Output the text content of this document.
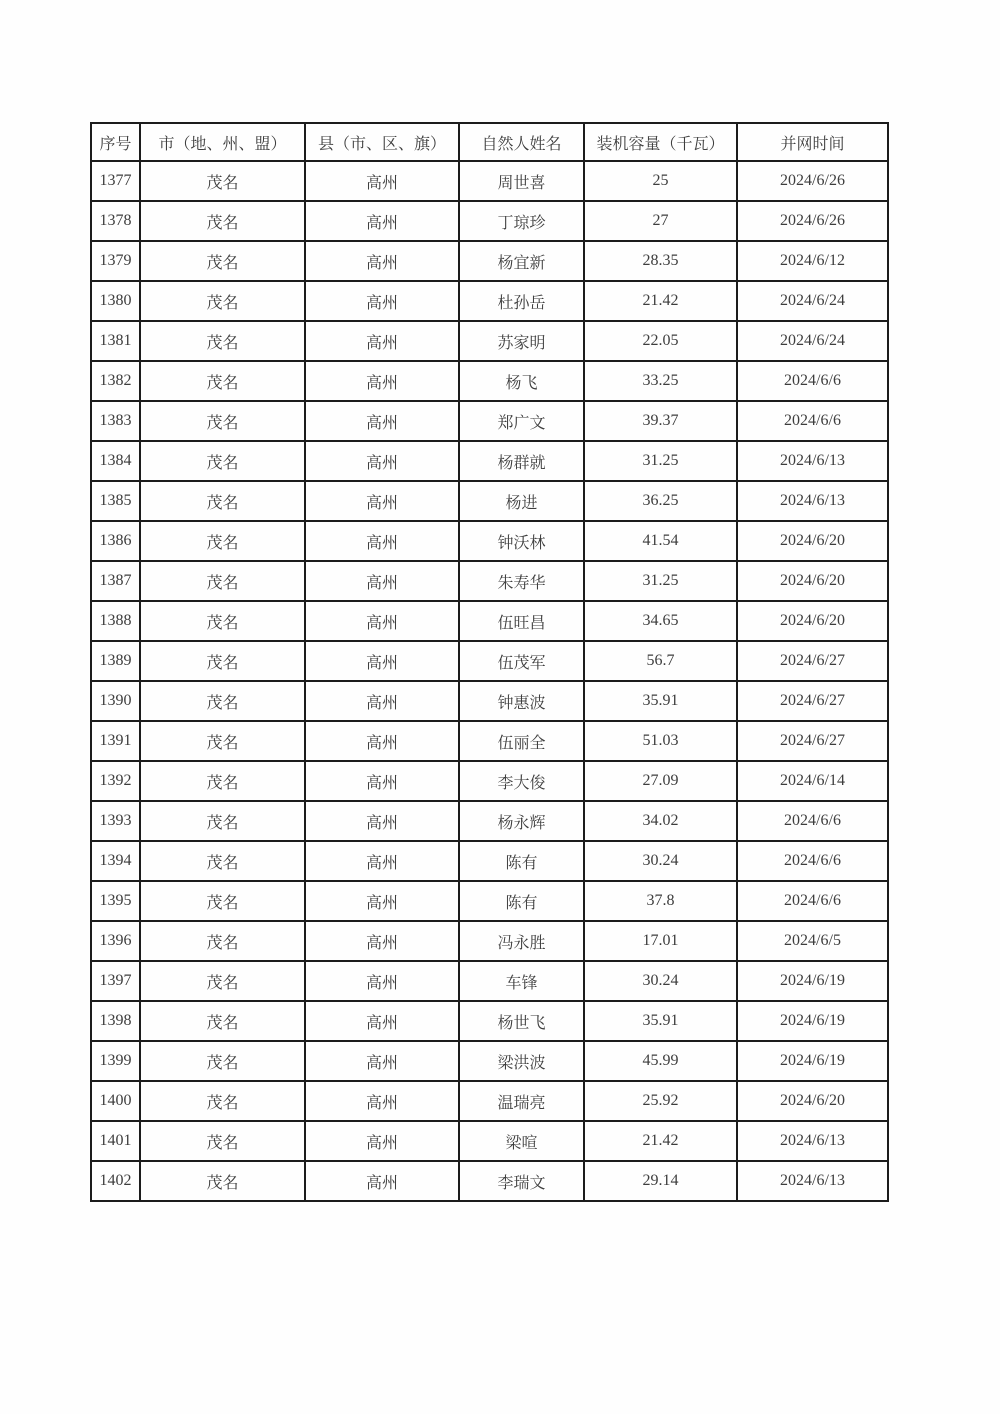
序号	市（地、州、盟）	县（市、区、旗）	自然人姓名	装机容量（千瓦）	并网时间
1377	茂名	高州	周世喜	25	2024/6/26
1378	茂名	高州	丁琼珍	27	2024/6/26
1379	茂名	高州	杨宜新	28.35	2024/6/12
1380	茂名	高州	杜孙岳	21.42	2024/6/24
1381	茂名	高州	苏家明	22.05	2024/6/24
1382	茂名	高州	杨飞	33.25	2024/6/6
1383	茂名	高州	郑广文	39.37	2024/6/6
1384	茂名	高州	杨群就	31.25	2024/6/13
1385	茂名	高州	杨进	36.25	2024/6/13
1386	茂名	高州	钟沃林	41.54	2024/6/20
1387	茂名	高州	朱寿华	31.25	2024/6/20
1388	茂名	高州	伍旺昌	34.65	2024/6/20
1389	茂名	高州	伍茂军	56.7	2024/6/27
1390	茂名	高州	钟惠波	35.91	2024/6/27
1391	茂名	高州	伍丽全	51.03	2024/6/27
1392	茂名	高州	李大俊	27.09	2024/6/14
1393	茂名	高州	杨永辉	34.02	2024/6/6
1394	茂名	高州	陈有	30.24	2024/6/6
1395	茂名	高州	陈有	37.8	2024/6/6
1396	茂名	高州	冯永胜	17.01	2024/6/5
1397	茂名	高州	车锋	30.24	2024/6/19
1398	茂名	高州	杨世飞	35.91	2024/6/19
1399	茂名	高州	梁洪波	45.99	2024/6/19
1400	茂名	高州	温瑞亮	25.92	2024/6/20
1401	茂名	高州	梁喧	21.42	2024/6/13
1402	茂名	高州	李瑞文	29.14	2024/6/13
